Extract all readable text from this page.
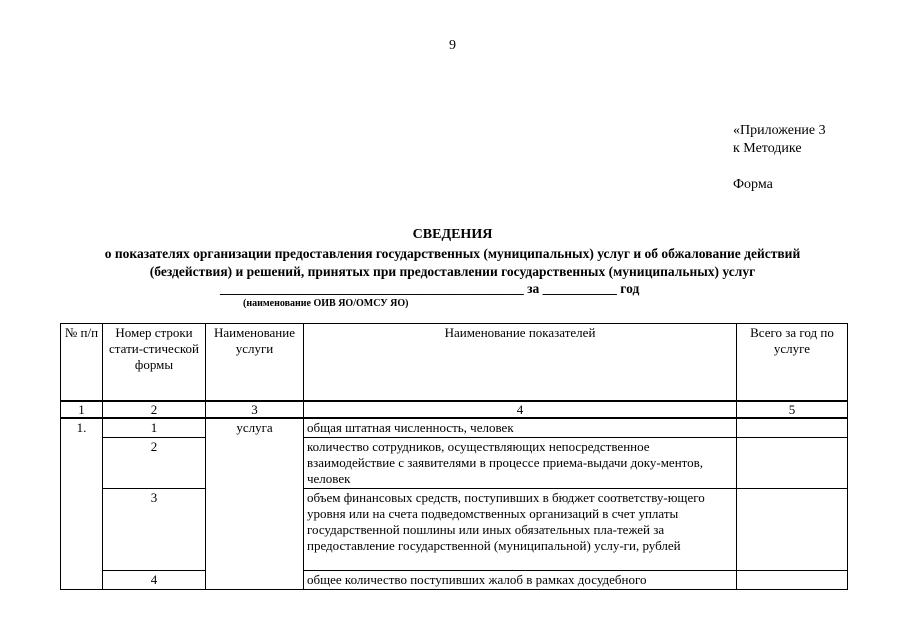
9
«Приложение 3
к Методике
Форма
СВЕДЕНИЯ
о показателях организации предоставления государственных (муниципальных) услуг и об обжалование действий
(бездействия) и решений, принятых при предоставлении государственных (муниципальных) услуг
_____________________________________________ за ___________ год
(наименование ОИВ ЯО/ОМСУ ЯО)
№ п/п	Номер строки стати-стической формы	Наименование услуги	Наименование показателей	Всего за год по услуге
1	2	3	4	5
1.	1	услуга	общая штатная численность, человек	
	2		количество сотрудников, осуществляющих непосредственное взаимодействие с заявителями в процессе приема-выдачи доку-ментов, человек	
	3		объем финансовых средств, поступивших в бюджет соответству-ющего уровня или на счета подведомственных организаций в счет уплаты государственной пошлины или иных обязательных пла-тежей за предоставление государственной (муниципальной) услу-ги, рублей	
	4		общее количество поступивших жалоб в рамках досудебного	
